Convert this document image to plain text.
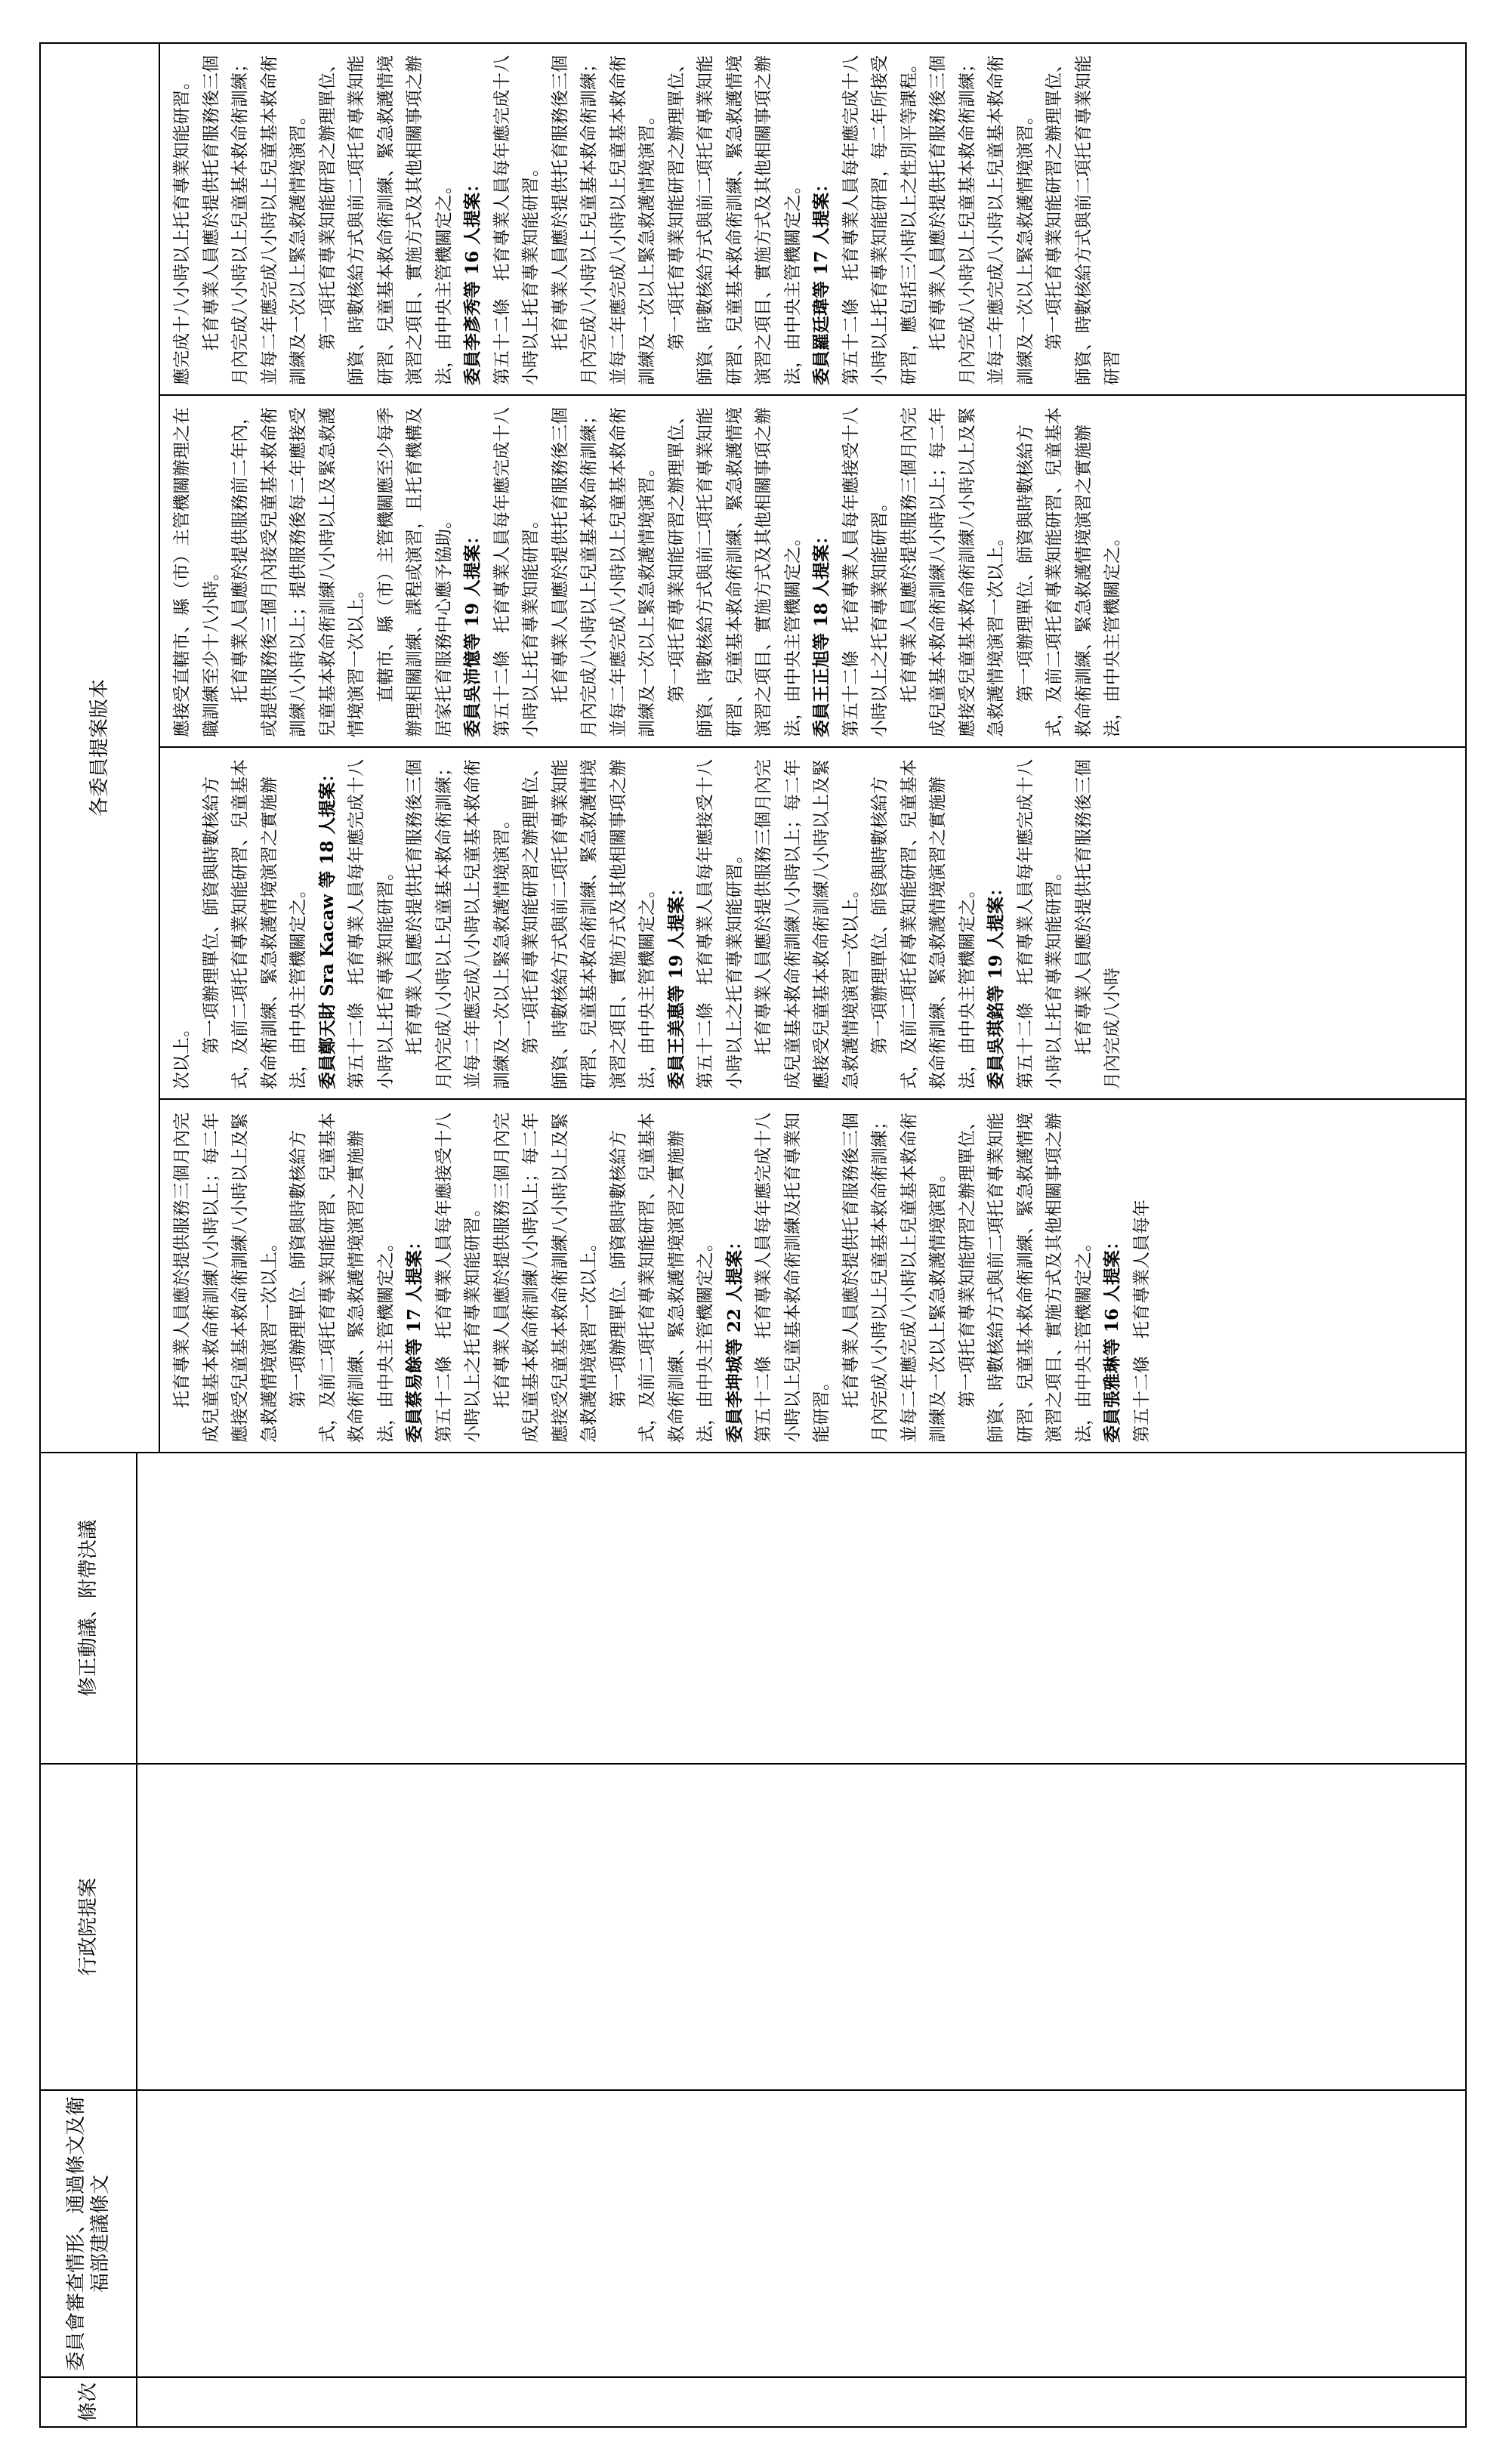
條次
委員會審查情形、通過條文及衛福部建議條文
行政院提案
修正動議、附帶決議
各委員提案版本
托育專業人員應於提供服務三個月內完成兒童基本救命術訓練八小時以上；每二年應接受兒童基本救命術訓練八小時以上及緊急救護情境演習一次以上。 第一項辦理單位、師資與時數核給方式，及前二項托育專業知能研習、兒童基本救命術訓練、緊急救護情境演習之實施辦法，由中央主管機關定之。 委員蔡易餘等 17 人提案： 第五十二條　托育專業人員每年應接受十八小時以上之托育專業知能研習。 托育專業人員應於提供服務三個月內完成兒童基本救命術訓練八小時以上；每二年應接受兒童基本救命術訓練八小時以上及緊急救護情境演習一次以上。 第一項辦理單位、師資與時數核給方式，及前二項托育專業知能研習、兒童基本救命術訓練、緊急救護情境演習之實施辦法，由中央主管機關定之。 委員李坤城等 22 人提案： 第五十二條　托育專業人員每年應完成十八小時以上兒童基本救命術訓練及托育專業知能研習。 托育專業人員應於提供托育服務後三個月內完成八小時以上兒童基本救命術訓練；並每二年應完成八小時以上兒童基本救命術訓練及一次以上緊急救護情境演習。 第一項托育專業知能研習之辦理單位、師資、時數核給方式與前二項托育專業知能研習、兒童基本救命術訓練、緊急救護情境演習之項目、實施方式及其他相關事項之辦法，由中央主管機關定之。 委員張雅琳等 16 人提案： 第五十二條　托育專業人員每年
次以上。 第一項辦理單位、師資與時數核給方式，及前二項托育專業知能研習、兒童基本救命術訓練、緊急救護情境演習之實施辦法，由中央主管機關定之。 委員鄭天財 Sra Kacaw 等 18 人提案： 第五十二條　托育專業人員每年應完成十八小時以上托育專業知能研習。 托育專業人員應於提供托育服務後三個月內完成八小時以上兒童基本救命術訓練；並每二年應完成八小時以上兒童基本救命術訓練及一次以上緊急救護情境演習。 第一項托育專業知能研習之辦理單位、師資、時數核給方式與前二項托育專業知能研習、兒童基本救命術訓練、緊急救護情境演習之項目、實施方式及其他相關事項之辦法，由中央主管機關定之。 委員王美惠等 19 人提案： 第五十二條　托育專業人員每年應接受十八小時以上之托育專業知能研習。 托育專業人員應於提供服務三個月內完成兒童基本救命術訓練八小時以上；每二年應接受兒童基本救命術訓練八小時以上及緊急救護情境演習一次以上。 第一項辦理單位、師資與時數核給方式，及前二項托育專業知能研習、兒童基本救命術訓練、緊急救護情境演習之實施辦法，由中央主管機關定之。 委員吳琪銘等 19 人提案： 第五十二條　托育專業人員每年應完成十八小時以上托育專業知能研習。 托育專業人員應於提供托育服務後三個月內完成八小時
應接受直轄市、縣（市）主管機關辦理之在職訓練至少十八小時。 托育專業人員應於提供服務前二年內，或提供服務後三個月內接受兒童基本救命術訓練八小時以上；提供服務後每二年應接受兒童基本救命術訓練八小時以上及緊急救護情境演習一次以上。 直轄市、縣（市）主管機關應至少每季辦理相關訓練、課程或演習，且托育機構及居家托育服務中心應予協助。 委員吳沛憶等 19 人提案： 第五十二條　托育專業人員每年應完成十八小時以上托育專業知能研習。 托育專業人員應於提供托育服務後三個月內完成八小時以上兒童基本救命術訓練；並每二年應完成八小時以上兒童基本救命術訓練及一次以上緊急救護情境演習。 第一項托育專業知能研習之辦理單位、師資、時數核給方式與前二項托育專業知能研習、兒童基本救命術訓練、緊急救護情境演習之項目、實施方式及其他相關事項之辦法，由中央主管機關定之。 委員王正旭等 18 人提案： 第五十二條　托育專業人員每年應接受十八小時以上之托育專業知能研習。 托育專業人員應於提供服務三個月內完成兒童基本救命術訓練八小時以上；每二年應接受兒童基本救命術訓練八小時以上及緊急救護情境演習一次以上。 第一項辦理單位、師資與時數核給方式，及前二項托育專業知能研習、兒童基本救命術訓練、緊急救護情境演習之實施辦法，由中央主管機關定之。
應完成十八小時以上托育專業知能研習。 托育專業人員應於提供托育服務後三個月內完成八小時以上兒童基本救命術訓練；並每二年應完成八小時以上兒童基本救命術訓練及一次以上緊急救護情境演習。 第一項托育專業知能研習之辦理單位、師資、時數核給方式與前二項托育專業知能研習、兒童基本救命術訓練、緊急救護情境演習之項目、實施方式及其他相關事項之辦法，由中央主管機關定之。 委員李彥秀等 16 人提案： 第五十二條　托育專業人員每年應完成十八小時以上托育專業知能研習。 托育專業人員應於提供托育服務後三個月內完成八小時以上兒童基本救命術訓練；並每二年應完成八小時以上兒童基本救命術訓練及一次以上緊急救護情境演習。 第一項托育專業知能研習之辦理單位、師資、時數核給方式與前二項托育專業知能研習、兒童基本救命術訓練、緊急救護情境演習之項目、實施方式及其他相關事項之辦法，由中央主管機關定之。 委員羅廷瑋等 17 人提案： 第五十二條　托育專業人員每年應完成十八小時以上托育專業知能研習，每二年所接受研習，應包括三小時以上之性別平等課程。 托育專業人員應於提供托育服務後三個月內完成八小時以上兒童基本救命術訓練；並每二年應完成八小時以上兒童基本救命術訓練及一次以上緊急救護情境演習。 第一項托育專業知能研習之辦理單位、師資、時數核給方式與前二項托育專業知能研習
